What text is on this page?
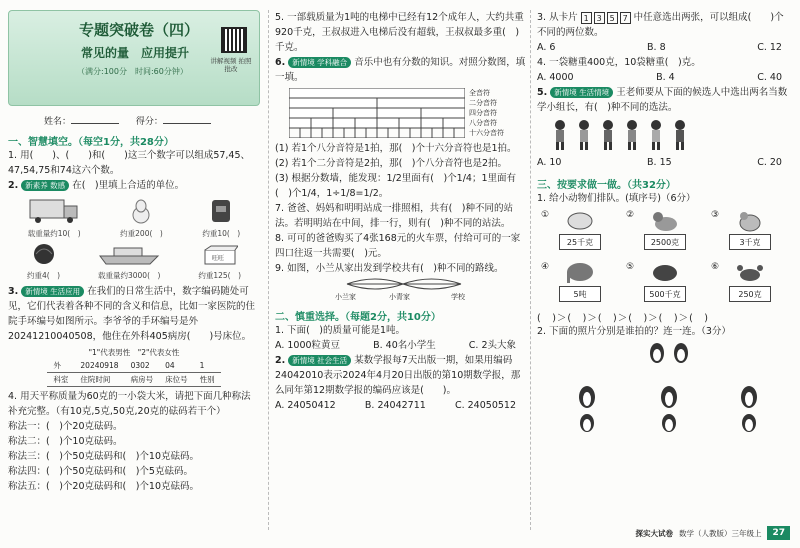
专题突破卷（四）
常见的量　应用提升
（满分:100分　时间:60分钟）
讲解视频 拍照批改
姓名：	得分：
一、智慧填空。（每空1分，共28分）
1. 用(　　)、(　　)和(　　)这三个数字可以组成57,45、47,54,75和74这六个数。
2. 新素养 数感 在(　)里填上合适的单位。
载重量约10(　)	约重200(　)	约重10(　)
约重4(　)	载重量约3000(　)
旺旺
约重125(　)
3. 新情境 生活应用 在我们的日常生活中，数字编码随处可见，它们代表着各种不同的含义和信息，比如一家医院的住院手环编号如图所示。李爷爷的手环编号是外20241210040508，他住在外科405病房(　　)号床位。
"1"代表男性　"2"代表女性				
外	20240918	0302	04	1
科室	住院时间	病房号	床位号	性别
4. 用天平称质量为60克的一小袋大米，请把下面几种称法补充完整。（有10克,5克,50克,20克的砝码若干个）
称法一：(　)个20克砝码。
称法二：(　)个10克砝码。
称法三：(　)个50克砝码和(　)个10克砝码。
称法四：(　)个50克砝码和(　)个5克砝码。
称法五：(　)个20克砝码和(　)个10克砝码。
5. 一部载质量为1吨的电梯中已经有12个成年人，大约共重920千克，王叔叔进入电梯后没有超载，王叔叔最多重(　)千克。
6. 新情境 学科融合 音乐中也有分数的知识。对照分数图，填一填。
全音符
二分音符
四分音符
八分音符
十六分音符
(1) 若1个八分音符是1拍，那(　)个十六分音符也是1拍。
(2) 若1个二分音符是2拍，那(　)个八分音符也是2拍。
(3) 根据分数墙，能发现：1/2里面有(　)个1/4；1里面有(　)个1/4，1÷1/8=1/2。
7. 爸爸、妈妈和明明站成一排照相，共有(　)种不同的站法。若明明站在中间，排一行，则有(　)种不同的站法。
8. 可可的爸爸购买了4张168元的火车票，付给可可的一家四口往返一共需要(　)元。
9. 如图，小兰从家出发到学校共有(　)种不同的路线。
小兰家	小青家	学校
二、慎重选择。（每题2分，共10分）
1. 下面(　)的质量可能是1吨。
A. 1000粒黄豆	B. 40名小学生	C. 2头大象
2. 新情境 社会生活 某数学报每7天出版一期，如果用编码24042010表示2024年4月20日出版的第10期数学报，那么同年第12期数学报的编码应该是(　　)。
A. 24050412	B. 24042711	C. 24050512
3. 从卡片 1 3 5 7 中任意选出两张，可以组成(　　)个不同的两位数。
A. 6	B. 8	C. 12
4. 一袋糖重400克，10袋糖重(　)克。
A. 4000	B. 4	C. 40
5. 新情境 生活情境 王老师要从下面的候选人中选出两名当数学小组长，有(　)种不同的选法。
A. 10	B. 15	C. 20
三、按要求做一做。（共32分）
1. 给小动物们排队。(填序号)（6分）
①
25千克
②
2500克
③
3千克
④
5吨
⑤
500千克
⑥
250克
(　)＞(　)＞(　)＞(　)＞(　)＞(　)
2. 下面的照片分别是谁拍的？连一连。（3分）
探实大试卷 数学（人教版）三年级上	27
